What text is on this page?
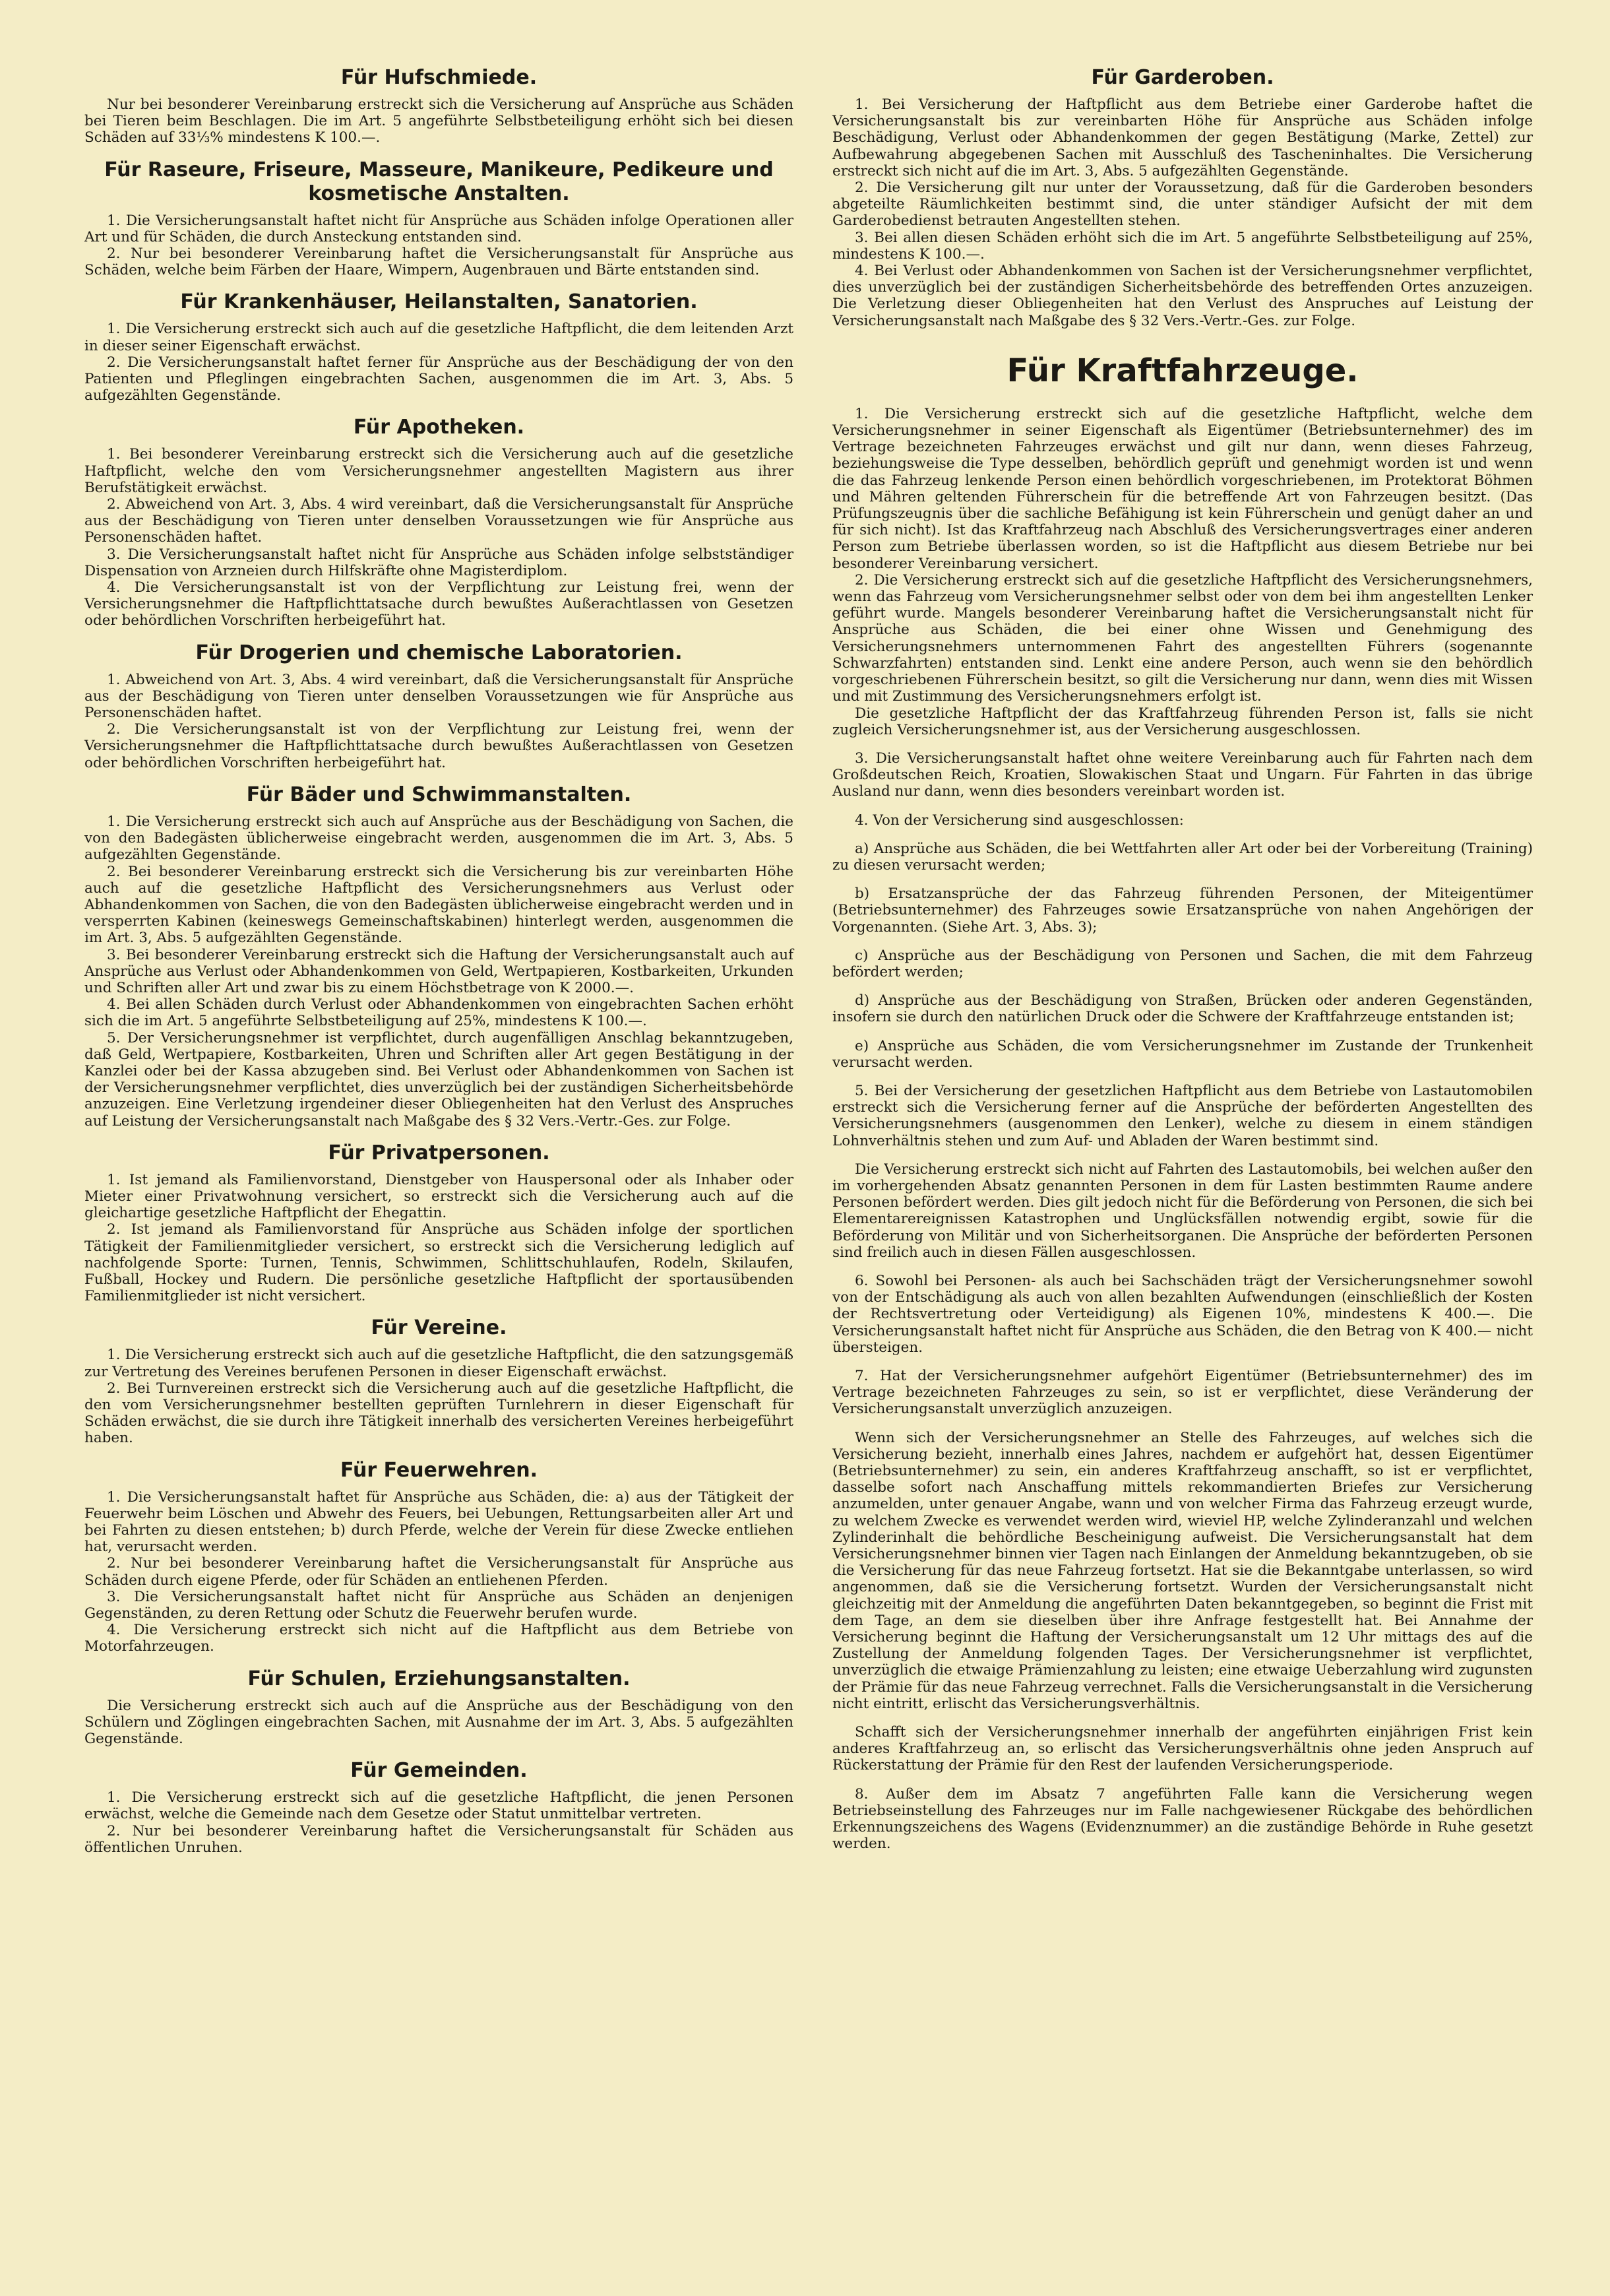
Für Hufschmiede.

Nur bei besonderer Vereinbarung erstreckt sich die Versicherung auf Ansprüche aus Schäden bei Tieren beim Beschlagen. Die im Art. 5 angeführte Selbstbeteiligung erhöht sich bei diesen Schäden auf 33⅓% mindestens K 100.—.

Für Raseure, Friseure, Masseure, Manikeure, Pedikeure und kosmetische Anstalten.

1. Die Versicherungsanstalt haftet nicht für Ansprüche aus Schäden infolge Operationen aller Art und für Schäden, die durch Ansteckung entstanden sind.

2. Nur bei besonderer Vereinbarung haftet die Versicherungsanstalt für Ansprüche aus Schäden, welche beim Färben der Haare, Wimpern, Augenbrauen und Bärte entstanden sind.

Für Krankenhäuser, Heilanstalten, Sanatorien.

1. Die Versicherung erstreckt sich auch auf die gesetzliche Haftpflicht, die dem leitenden Arzt in dieser seiner Eigenschaft erwächst.

2. Die Versicherungsanstalt haftet ferner für Ansprüche aus der Beschädigung der von den Patienten und Pfleglingen eingebrachten Sachen, ausgenommen die im Art. 3, Abs. 5 aufgezählten Gegenstände.

Für Apotheken.

1. Bei besonderer Vereinbarung erstreckt sich die Versicherung auch auf die gesetzliche Haftpflicht, welche den vom Versicherungsnehmer angestellten Magistern aus ihrer Berufstätigkeit erwächst.

2. Abweichend von Art. 3, Abs. 4 wird vereinbart, daß die Versicherungsanstalt für Ansprüche aus der Beschädigung von Tieren unter denselben Voraussetzungen wie für Ansprüche aus Personenschäden haftet.

3. Die Versicherungsanstalt haftet nicht für Ansprüche aus Schäden infolge selbstständiger Dispensation von Arzneien durch Hilfskräfte ohne Magisterdiplom.

4. Die Versicherungsanstalt ist von der Verpflichtung zur Leistung frei, wenn der Versicherungsnehmer die Haftpflichttatsache durch bewußtes Außerachtlassen von Gesetzen oder behördlichen Vorschriften herbeigeführt hat.

Für Drogerien und chemische Laboratorien.

1. Abweichend von Art. 3, Abs. 4 wird vereinbart, daß die Versicherungsanstalt für Ansprüche aus der Beschädigung von Tieren unter denselben Voraussetzungen wie für Ansprüche aus Personenschäden haftet.

2. Die Versicherungsanstalt ist von der Verpflichtung zur Leistung frei, wenn der Versicherungsnehmer die Haftpflichttatsache durch bewußtes Außerachtlassen von Gesetzen oder behördlichen Vorschriften herbeigeführt hat.

Für Bäder und Schwimmanstalten.

1. Die Versicherung erstreckt sich auch auf Ansprüche aus der Beschädigung von Sachen, die von den Badegästen üblicherweise eingebracht werden, ausgenommen die im Art. 3, Abs. 5 aufgezählten Gegenstände.

2. Bei besonderer Vereinbarung erstreckt sich die Versicherung bis zur vereinbarten Höhe auch auf die gesetzliche Haftpflicht des Versicherungsnehmers aus Verlust oder Abhandenkommen von Sachen, die von den Badegästen üblicherweise eingebracht werden und in versperrten Kabinen (keineswegs Gemeinschaftskabinen) hinterlegt werden, ausgenommen die im Art. 3, Abs. 5 aufgezählten Gegenstände.

3. Bei besonderer Vereinbarung erstreckt sich die Haftung der Versicherungsanstalt auch auf Ansprüche aus Verlust oder Abhandenkommen von Geld, Wertpapieren, Kostbarkeiten, Urkunden und Schriften aller Art und zwar bis zu einem Höchstbetrage von K 2000.—.

4. Bei allen Schäden durch Verlust oder Abhandenkommen von eingebrachten Sachen erhöht sich die im Art. 5 angeführte Selbstbeteiligung auf 25%, mindestens K 100.—.

5. Der Versicherungsnehmer ist verpflichtet, durch augenfälligen Anschlag bekanntzugeben, daß Geld, Wertpapiere, Kostbarkeiten, Uhren und Schriften aller Art gegen Bestätigung in der Kanzlei oder bei der Kassa abzugeben sind. Bei Verlust oder Abhandenkommen von Sachen ist der Versicherungsnehmer verpflichtet, dies unverzüglich bei der zuständigen Sicherheitsbehörde anzuzeigen. Eine Verletzung irgendeiner dieser Obliegenheiten hat den Verlust des Anspruches auf Leistung der Versicherungsanstalt nach Maßgabe des § 32 Vers.-Vertr.-Ges. zur Folge.

Für Privatpersonen.

1. Ist jemand als Familienvorstand, Dienstgeber von Hauspersonal oder als Inhaber oder Mieter einer Privatwohnung versichert, so erstreckt sich die Versicherung auch auf die gleichartige gesetzliche Haftpflicht der Ehegattin.

2. Ist jemand als Familienvorstand für Ansprüche aus Schäden infolge der sportlichen Tätigkeit der Familienmitglieder versichert, so erstreckt sich die Versicherung lediglich auf nachfolgende Sporte: Turnen, Tennis, Schwimmen, Schlittschuhlaufen, Rodeln, Skilaufen, Fußball, Hockey und Rudern. Die persönliche gesetzliche Haftpflicht der sportausübenden Familienmitglieder ist nicht versichert.

Für Vereine.

1. Die Versicherung erstreckt sich auch auf die gesetzliche Haftpflicht, die den satzungsgemäß zur Vertretung des Vereines berufenen Personen in dieser Eigenschaft erwächst.

2. Bei Turnvereinen erstreckt sich die Versicherung auch auf die gesetzliche Haftpflicht, die den vom Versicherungsnehmer bestellten geprüften Turnlehrern in dieser Eigenschaft für Schäden erwächst, die sie durch ihre Tätigkeit innerhalb des versicherten Vereines herbeigeführt haben.

Für Feuerwehren.

1. Die Versicherungsanstalt haftet für Ansprüche aus Schäden, die: a) aus der Tätigkeit der Feuerwehr beim Löschen und Abwehr des Feuers, bei Uebungen, Rettungsarbeiten aller Art und bei Fahrten zu diesen entstehen; b) durch Pferde, welche der Verein für diese Zwecke entliehen hat, verursacht werden.

2. Nur bei besonderer Vereinbarung haftet die Versicherungsanstalt für Ansprüche aus Schäden durch eigene Pferde, oder für Schäden an entliehenen Pferden.

3. Die Versicherungsanstalt haftet nicht für Ansprüche aus Schäden an denjenigen Gegenständen, zu deren Rettung oder Schutz die Feuerwehr berufen wurde.

4. Die Versicherung erstreckt sich nicht auf die Haftpflicht aus dem Betriebe von Motorfahrzeugen.

Für Schulen, Erziehungsanstalten.

Die Versicherung erstreckt sich auch auf die Ansprüche aus der Beschädigung von den Schülern und Zöglingen eingebrachten Sachen, mit Ausnahme der im Art. 3, Abs. 5 aufgezählten Gegenstände.

Für Gemeinden.

1. Die Versicherung erstreckt sich auf die gesetzliche Haftpflicht, die jenen Personen erwächst, welche die Gemeinde nach dem Gesetze oder Statut unmittelbar vertreten.

2. Nur bei besonderer Vereinbarung haftet die Versicherungsanstalt für Schäden aus öffentlichen Unruhen.

Für Garderoben.

1. Bei Versicherung der Haftpflicht aus dem Betriebe einer Garderobe haftet die Versicherungsanstalt bis zur vereinbarten Höhe für Ansprüche aus Schäden infolge Beschädigung, Verlust oder Abhandenkommen der gegen Bestätigung (Marke, Zettel) zur Aufbewahrung abgegebenen Sachen mit Ausschluß des Tascheninhaltes. Die Versicherung erstreckt sich nicht auf die im Art. 3, Abs. 5 aufgezählten Gegenstände.

2. Die Versicherung gilt nur unter der Voraussetzung, daß für die Garderoben besonders abgeteilte Räumlichkeiten bestimmt sind, die unter ständiger Aufsicht der mit dem Garderobedienst betrauten Angestellten stehen.

3. Bei allen diesen Schäden erhöht sich die im Art. 5 angeführte Selbstbeteiligung auf 25%, mindestens K 100.—.

4. Bei Verlust oder Abhandenkommen von Sachen ist der Versicherungsnehmer verpflichtet, dies unverzüglich bei der zuständigen Sicherheitsbehörde des betreffenden Ortes anzuzeigen. Die Verletzung dieser Obliegenheiten hat den Verlust des Anspruches auf Leistung der Versicherungsanstalt nach Maßgabe des § 32 Vers.-Vertr.-Ges. zur Folge.

Für Kraftfahrzeuge.

1. Die Versicherung erstreckt sich auf die gesetzliche Haftpflicht, welche dem Versicherungsnehmer in seiner Eigenschaft als Eigentümer (Betriebsunternehmer) des im Vertrage bezeichneten Fahrzeuges erwächst und gilt nur dann, wenn dieses Fahrzeug, beziehungsweise die Type desselben, behördlich geprüft und genehmigt worden ist und wenn die das Fahrzeug lenkende Person einen behördlich vorgeschriebenen, im Protektorat Böhmen und Mähren geltenden Führerschein für die betreffende Art von Fahrzeugen besitzt. (Das Prüfungszeugnis über die sachliche Befähigung ist kein Führerschein und genügt daher an und für sich nicht). Ist das Kraftfahrzeug nach Abschluß des Versicherungsvertrages einer anderen Person zum Betriebe überlassen worden, so ist die Haftpflicht aus diesem Betriebe nur bei besonderer Vereinbarung versichert.

2. Die Versicherung erstreckt sich auf die gesetzliche Haftpflicht des Versicherungsnehmers, wenn das Fahrzeug vom Versicherungsnehmer selbst oder von dem bei ihm angestellten Lenker geführt wurde. Mangels besonderer Vereinbarung haftet die Versicherungsanstalt nicht für Ansprüche aus Schäden, die bei einer ohne Wissen und Genehmigung des Versicherungsnehmers unternommenen Fahrt des angestellten Führers (sogenannte Schwarzfahrten) entstanden sind. Lenkt eine andere Person, auch wenn sie den behördlich vorgeschriebenen Führerschein besitzt, so gilt die Versicherung nur dann, wenn dies mit Wissen und mit Zustimmung des Versicherungsnehmers erfolgt ist.

Die gesetzliche Haftpflicht der das Kraftfahrzeug führenden Person ist, falls sie nicht zugleich Versicherungsnehmer ist, aus der Versicherung ausgeschlossen.

3. Die Versicherungsanstalt haftet ohne weitere Vereinbarung auch für Fahrten nach dem Großdeutschen Reich, Kroatien, Slowakischen Staat und Ungarn. Für Fahrten in das übrige Ausland nur dann, wenn dies besonders vereinbart worden ist.

4. Von der Versicherung sind ausgeschlossen:

a) Ansprüche aus Schäden, die bei Wettfahrten aller Art oder bei der Vorbereitung (Training) zu diesen verursacht werden;

b) Ersatzansprüche der das Fahrzeug führenden Personen, der Miteigentümer (Betriebsunternehmer) des Fahrzeuges sowie Ersatzansprüche von nahen Angehörigen der Vorgenannten. (Siehe Art. 3, Abs. 3);

c) Ansprüche aus der Beschädigung von Personen und Sachen, die mit dem Fahrzeug befördert werden;

d) Ansprüche aus der Beschädigung von Straßen, Brücken oder anderen Gegenständen, insofern sie durch den natürlichen Druck oder die Schwere der Kraftfahrzeuge entstanden ist;

e) Ansprüche aus Schäden, die vom Versicherungsnehmer im Zustande der Trunkenheit verursacht werden.

5. Bei der Versicherung der gesetzlichen Haftpflicht aus dem Betriebe von Lastautomobilen erstreckt sich die Versicherung ferner auf die Ansprüche der beförderten Angestellten des Versicherungsnehmers (ausgenommen den Lenker), welche zu diesem in einem ständigen Lohnverhältnis stehen und zum Auf- und Abladen der Waren bestimmt sind.

Die Versicherung erstreckt sich nicht auf Fahrten des Lastautomobils, bei welchen außer den im vorhergehenden Absatz genannten Personen in dem für Lasten bestimmten Raume andere Personen befördert werden. Dies gilt jedoch nicht für die Beförderung von Personen, die sich bei Elementarereignissen Katastrophen und Unglücksfällen notwendig ergibt, sowie für die Beförderung von Militär und von Sicherheitsorganen. Die Ansprüche der beförderten Personen sind freilich auch in diesen Fällen ausgeschlossen.

6. Sowohl bei Personen- als auch bei Sachschäden trägt der Versicherungsnehmer sowohl von der Entschädigung als auch von allen bezahlten Aufwendungen (einschließlich der Kosten der Rechtsvertretung oder Verteidigung) als Eigenen 10%, mindestens K 400.—. Die Versicherungsanstalt haftet nicht für Ansprüche aus Schäden, die den Betrag von K 400.— nicht übersteigen.

7. Hat der Versicherungsnehmer aufgehört Eigentümer (Betriebsunternehmer) des im Vertrage bezeichneten Fahrzeuges zu sein, so ist er verpflichtet, diese Veränderung der Versicherungsanstalt unverzüglich anzuzeigen.

Wenn sich der Versicherungsnehmer an Stelle des Fahrzeuges, auf welches sich die Versicherung bezieht, innerhalb eines Jahres, nachdem er aufgehört hat, dessen Eigentümer (Betriebsunternehmer) zu sein, ein anderes Kraftfahrzeug anschafft, so ist er verpflichtet, dasselbe sofort nach Anschaffung mittels rekommandierten Briefes zur Versicherung anzumelden, unter genauer Angabe, wann und von welcher Firma das Fahrzeug erzeugt wurde, zu welchem Zwecke es verwendet werden wird, wieviel HP, welche Zylinderanzahl und welchen Zylinderinhalt die behördliche Bescheinigung aufweist. Die Versicherungsanstalt hat dem Versicherungsnehmer binnen vier Tagen nach Einlangen der Anmeldung bekanntzugeben, ob sie die Versicherung für das neue Fahrzeug fortsetzt. Hat sie die Bekanntgabe unterlassen, so wird angenommen, daß sie die Versicherung fortsetzt. Wurden der Versicherungsanstalt nicht gleichzeitig mit der Anmeldung die angeführten Daten bekanntgegeben, so beginnt die Frist mit dem Tage, an dem sie dieselben über ihre Anfrage festgestellt hat. Bei Annahme der Versicherung beginnt die Haftung der Versicherungsanstalt um 12 Uhr mittags des auf die Zustellung der Anmeldung folgenden Tages. Der Versicherungsnehmer ist verpflichtet, unverzüglich die etwaige Prämienzahlung zu leisten; eine etwaige Ueberzahlung wird zugunsten der Prämie für das neue Fahrzeug verrechnet. Falls die Versicherungsanstalt in die Versicherung nicht eintritt, erlischt das Versicherungsverhältnis.

Schafft sich der Versicherungsnehmer innerhalb der angeführten einjährigen Frist kein anderes Kraftfahrzeug an, so erlischt das Versicherungsverhältnis ohne jeden Anspruch auf Rückerstattung der Prämie für den Rest der laufenden Versicherungsperiode.

8. Außer dem im Absatz 7 angeführten Falle kann die Versicherung wegen Betriebseinstellung des Fahrzeuges nur im Falle nachgewiesener Rückgabe des behördlichen Erkennungszeichens des Wagens (Evidenznummer) an die zuständige Behörde in Ruhe gesetzt werden.
